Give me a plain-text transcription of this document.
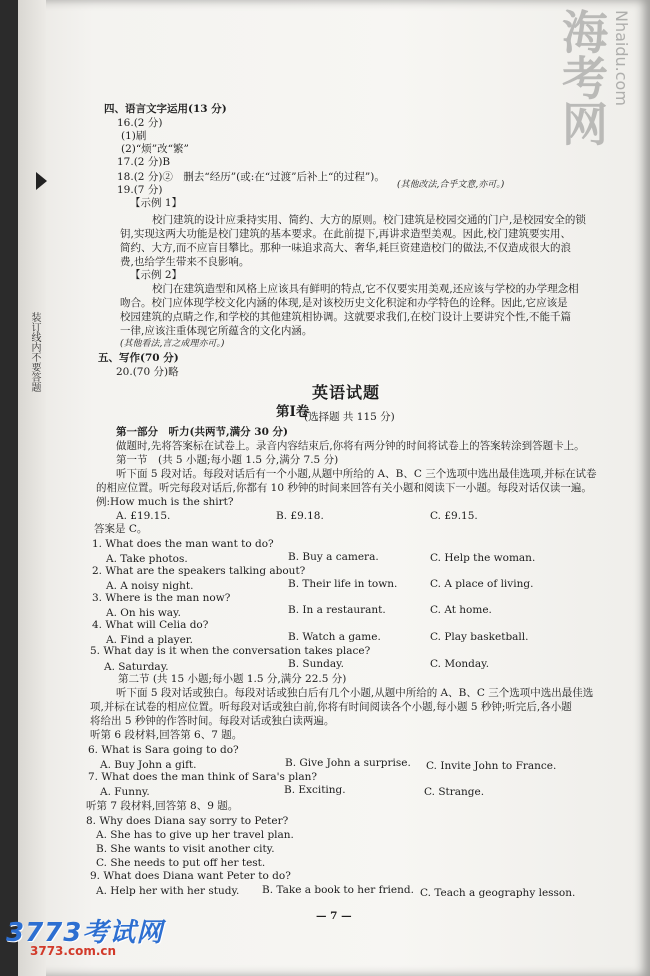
装订线内不要答题
四、语言文字运用(13 分)
16.(2 分)
(1)刷
(2)“烦”改“繁”
17.(2 分)B
18.(2 分)②　删去“经历”(或:在“过渡”后补上“的过程”)。
(其他改法,合乎文意,亦可。)
19.(7 分)
【示例 1】
校门建筑的设计应秉持实用、简约、大方的原则。校门建筑是校园交通的门户,是校园安全的锁
钥,实现这两大功能是校门建筑的基本要求。在此前提下,再讲求造型美观。因此,校门建筑要实用、
简约、大方,而不应盲目攀比。那种一味追求高大、奢华,耗巨资建造校门的做法,不仅造成很大的浪
费,也给学生带来不良影响。
【示例 2】
校门在建筑造型和风格上应该具有鲜明的特点,它不仅要实用美观,还应该与学校的办学理念相
吻合。校门应体现学校文化内涵的体现,是对该校历史文化积淀和办学特色的诠释。因此,它应该是
校园建筑的点睛之作,和学校的其他建筑相协调。这就要求我们,在校门设计上要讲究个性,不能千篇
一律,应该注重体现它所蕴含的文化内涵。
(其他看法,言之成理亦可。)
五、写作(70 分)
20.(70 分)略
英语试题
第Ⅰ卷
(选择题 共 115 分)
第一部分　听力(共两节,满分 30 分)
做题时,先将答案标在试卷上。录音内容结束后,你将有两分钟的时间将试卷上的答案转涂到答题卡上。
第一节　(共 5 小题;每小题 1.5 分,满分 7.5 分)
听下面 5 段对话。每段对话后有一个小题,从题中所给的 A、B、C 三个选项中选出最佳选项,并标在试卷
的相应位置。听完每段对话后,你都有 10 秒钟的时间来回答有关小题和阅读下一小题。每段对话仅读一遍。
例:How much is the shirt?
A. £19.15.	B. £9.18.	C. £9.15.
答案是 C。
1. What does the man want to do?
A. Take photos.	B. Buy a camera.	C. Help the woman.
2. What are the speakers talking about?
A. A noisy night.	B. Their life in town.	C. A place of living.
3. Where is the man now?
A. On his way.	B. In a restaurant.	C. At home.
4. What will Celia do?
A. Find a player.	B. Watch a game.	C. Play basketball.
5. What day is it when the conversation takes place?
A. Saturday.	B. Sunday.	C. Monday.
第二节 (共 15 小题;每小题 1.5 分,满分 22.5 分)
听下面 5 段对话或独白。每段对话或独白后有几个小题,从题中所给的 A、B、C 三个选项中选出最佳选
项,并标在试卷的相应位置。听每段对话或独白前,你将有时间阅读各个小题,每小题 5 秒钟;听完后,各小题
将给出 5 秒钟的作答时间。每段对话或独白读两遍。
听第 6 段材料,回答第 6、7 题。
6. What is Sara going to do?
A. Buy John a gift.	B. Give John a surprise. C. Invite John to France.
7. What does the man think of Sara's plan?
A. Funny.	B. Exciting.	C. Strange.
听第 7 段材料,回答第 8、9 题。
8. Why does Diana say sorry to Peter?
A. She has to give up her travel plan.
B. She wants to visit another city.
C. She needs to put off her test.
9. What does Diana want Peter to do?
A. Help her with her study. B. Take a book to her friend. C. Teach a geography lesson.
— 7 —
海考网 Nhaidu.com
3773考试网
3773.com.cn
